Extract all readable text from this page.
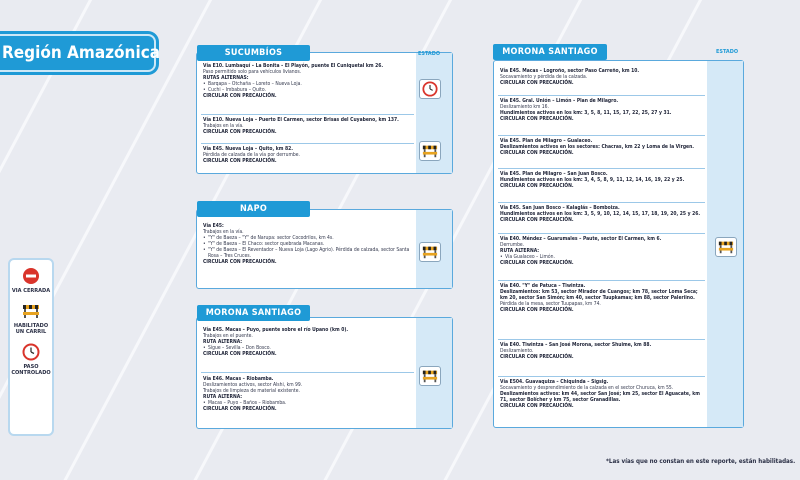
Región Amazónica
VIA CERRADA
HABILITADO UN CARRIL
PASO CONTROLADO
Vía E10. Lumbaquí – La Bonita – El Playón, puente El Cuniquetal km 26.
Paso permitido solo para vehículos livianos.
RUTAS ALTERNAS:
• Barqapa – Otchaña – Loreto – Nueva Loja.
• Cuchi – Imbabura – Quito.
CIRCULAR CON PRECAUCIÓN.
Vía E10. Nueva Loja – Puerto El Carmen, sector Brisas del Cuyabeno, km 137.
Trabajos en la vía.
CIRCULAR CON PRECAUCIÓN.
Vía E45. Nueva Loja – Quito, km 82.
Pérdida de calzada de la vía por derrumbe.
CIRCULAR CON PRECAUCIÓN.
SUCUMBÍOS	ESTADO
Vía E45:
Trabajos en la vía.
• "Y" de Baeza – "Y" de Narupa: sector Cocodrilos, km 4s.
• "Y" de Baeza – El Chaco: sector quebrada Macanas.
• "Y" de Baeza – El Reventador – Nueva Loja (Lago Agrio). Pérdida de calzada, sector Santa Rosa – Tres Cruces.
CIRCULAR CON PRECAUCIÓN.
NAPO
Vía E45. Macas – Puyo, puente sobre el río Upano (km 0).
Trabajos en el puente.
RUTA ALTERNA:
• Sígue – Sevilla – Don Bosco.
CIRCULAR CON PRECAUCIÓN.
Vía E46. Macas – Riobamba.
Deslizamientos activos, sector Alshi, km 99.
Trabajos de limpieza de material existente.
RUTA ALTERNA:
• Macas – Puyo – Baños – Riobamba.
CIRCULAR CON PRECAUCIÓN.
MORONA SANTIAGO
Vía E45. Macas – Logroño, sector Paso Carreño, km 10.
Socavamiento y pérdida de la calzada.
CIRCULAR CON PRECAUCIÓN.
Vía E45. Gral. Unión – Limón – Plan de Milagro.
Deslizamiento km 16.
Hundimientos activos en los km: 3, 5, 8, 11, 15, 17, 22, 25, 27 y 31.
CIRCULAR CON PRECAUCIÓN.
Vía E45. Plan de Milagro – Gualaceo.
Deslizamientos activos en los sectores: Chacras, km 22 y Loma de la Virgen.
CIRCULAR CON PRECAUCIÓN.
Vía E45. Plan de Milagro – San Juan Bosco.
Hundimientos activos en los km: 3, 4, 5, 8, 9, 11, 12, 14, 16, 19, 22 y 25.
CIRCULAR CON PRECAUCIÓN.
Vía E45. San Juan Bosco – Kalaglás – Bomboiza.
Hundimientos activos en los km: 3, 5, 9, 10, 12, 14, 15, 17, 18, 19, 20, 25 y 26.
CIRCULAR CON PRECAUCIÓN.
Vía E40. Méndez – Guarumales – Paute, sector El Carmen, km 6.
Derrumbe.
RUTA ALTERNA:
• Vía Gualaceo – Limón.
CIRCULAR CON PRECAUCIÓN.
Vía E40. "Y" de Patuca – Tiwintza.
Deslizamientos: km 53, sector Mirador de Cuangos; km 78, sector Loma Seca; km 20, sector San Simón; km 40, sector Tuupkamas; km 88, sector Paleriino.
Pérdida de la mesa, sector Tuupapas, km 74.
CIRCULAR CON PRECAUCIÓN.
Vía E40. Tiwintza – San José Morona, sector Shuime, km 88.
Deslizamiento.
CIRCULAR CON PRECAUCIÓN.
Vía E504. Guavaquiza – Chiquinda – Sigsig.
Socavamiento y desprendimiento de la calzada en el sector Churuca, km 55.
Deslizamientos activos: km 44, sector San José; km 25, sector El Aguacate, km 71, sector Bolícher y km 75, sector Granadillas.
CIRCULAR CON PRECAUCIÓN.
MORONA SANTIAGO	ESTADO
*Las vías que no constan en este reporte, están habilitadas.
